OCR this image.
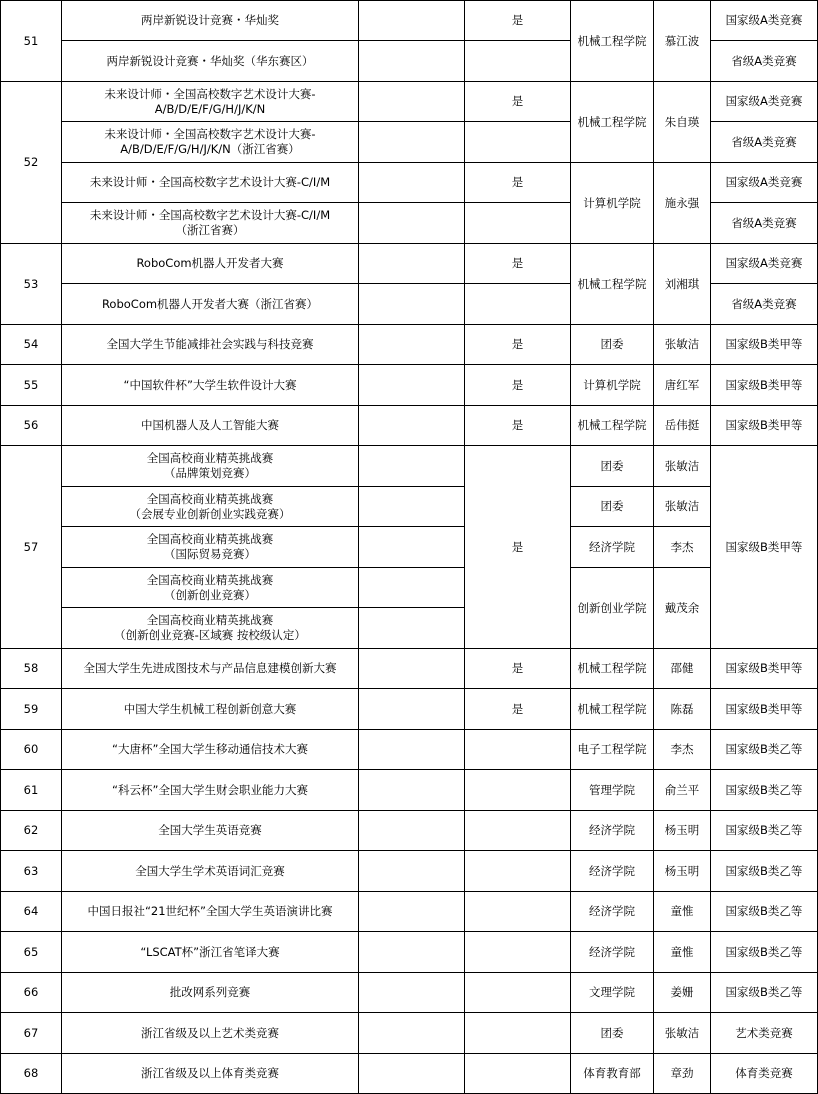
51	两岸新锐设计竞赛・华灿奖		是	机械工程学院	慕江波	国家级A类竞赛
	两岸新锐设计竞赛・华灿奖（华东赛区）					省级A类竞赛
52	未来设计师・全国高校数字艺术设计大赛-
A/B/D/E/F/G/H/J/K/N		是	机械工程学院	朱自瑛	国家级A类竞赛
	未来设计师・全国高校数字艺术设计大赛-
A/B/D/E/F/G/H/J/K/N（浙江省赛）					省级A类竞赛
	未来设计师・全国高校数字艺术设计大赛-C/I/M		是	计算机学院	施永强	国家级A类竞赛
	未来设计师・全国高校数字艺术设计大赛-C/I/M
（浙江省赛）					省级A类竞赛
53	RoboCom机器人开发者大赛		是	机械工程学院	刘湘琪	国家级A类竞赛
	RoboCom机器人开发者大赛（浙江省赛）					省级A类竞赛
54	全国大学生节能减排社会实践与科技竞赛		是	团委	张敏洁	国家级B类甲等
55	“中国软件杯”大学生软件设计大赛		是	计算机学院	唐红军	国家级B类甲等
56	中国机器人及人工智能大赛		是	机械工程学院	岳伟挺	国家级B类甲等
57	全国高校商业精英挑战赛
（品牌策划竞赛）		是	团委	张敏洁	国家级B类甲等
	全国高校商业精英挑战赛
（会展专业创新创业实践竞赛）			团委	张敏洁	
	全国高校商业精英挑战赛
（国际贸易竞赛）			经济学院	李杰	
	全国高校商业精英挑战赛
（创新创业竞赛）			创新创业学院	戴茂余	
	全国高校商业精英挑战赛
（创新创业竞赛-区域赛 按校级认定）					
58	全国大学生先进成图技术与产品信息建模创新大赛		是	机械工程学院	邵健	国家级B类甲等
59	中国大学生机械工程创新创意大赛		是	机械工程学院	陈磊	国家级B类甲等
60	“大唐杯”全国大学生移动通信技术大赛			电子工程学院	李杰	国家级B类乙等
61	“科云杯”全国大学生财会职业能力大赛			管理学院	俞兰平	国家级B类乙等
62	全国大学生英语竞赛			经济学院	杨玉明	国家级B类乙等
63	全国大学生学术英语词汇竞赛			经济学院	杨玉明	国家级B类乙等
64	中国日报社“21世纪杯”全国大学生英语演讲比赛			经济学院	童惟	国家级B类乙等
65	“LSCAT杯”浙江省笔译大赛			经济学院	童惟	国家级B类乙等
66	批改网系列竞赛			文理学院	姜姗	国家级B类乙等
67	浙江省级及以上艺术类竞赛			团委	张敏洁	艺术类竞赛
68	浙江省级及以上体育类竞赛			体育教育部	章劲	体育类竞赛
